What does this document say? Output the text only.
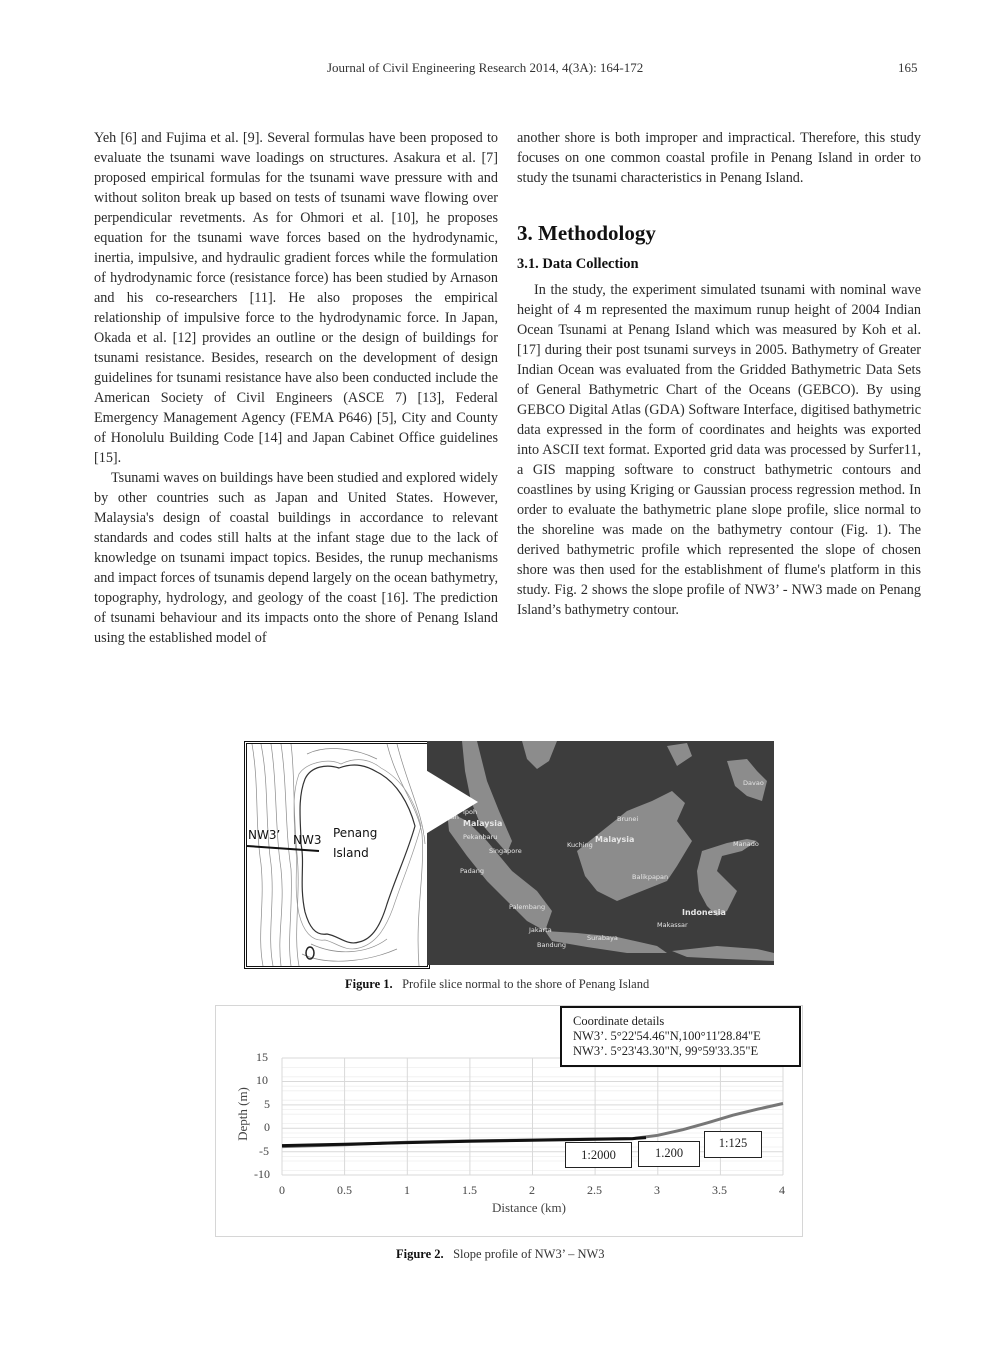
Journal of Civil Engineering Research 2014, 4(3A): 164-172	165

Yeh [6] and Fujima et al. [9]. Several formulas have been proposed to evaluate the tsunami wave loadings on structures. Asakura et al. [7] proposed empirical formulas for the tsunami wave pressure with and without soliton break up based on tests of tsunami wave flowing over perpendicular revetments. As for Ohmori et al. [10], he proposes equation for the tsunami wave forces based on the hydrodynamic, inertia, impulsive, and hydraulic gradient forces while the formulation of hydrodynamic force (resistance force) has been studied by Arnason and his co-researchers [11]. He also proposes the empirical relationship of impulsive force to the hydrodynamic force. In Japan, Okada et al. [12] provides an outline or the design of buildings for tsunami resistance. Besides, research on the development of design guidelines for tsunami resistance have also been conducted include the American Society of Civil Engineers (ASCE 7) [13], Federal Emergency Management Agency (FEMA P646) [5], City and County of Honolulu Building Code [14] and Japan Cabinet Office guidelines [15].

Tsunami waves on buildings have been studied and explored widely by other countries such as Japan and United States. However, Malaysia's design of coastal buildings in accordance to relevant standards and codes still halts at the infant stage due to the lack of knowledge on tsunami impact topics. Besides, the runup mechanisms and impact forces of tsunamis depend largely on the ocean bathymetry, topography, hydrology, and geology of the coast [16]. The prediction of tsunami behaviour and its impacts onto the shore of Penang Island using the established model of

another shore is both improper and impractical. Therefore, this study focuses on one common coastal profile in Penang Island in order to study the tsunami characteristics in Penang Island.

3. Methodology
3.1. Data Collection

In the study, the experiment simulated tsunami with nominal wave height of 4 m represented the maximum runup height of 2004 Indian Ocean Tsunami at Penang Island which was measured by Koh et al. [17] during their post tsunami surveys in 2005. Bathymetry of Greater Indian Ocean was evaluated from the Gridded Bathymetric Data Sets of General Bathymetric Chart of the Oceans (GEBCO). By using GEBCO Digital Atlas (GDA) Software Interface, digitised bathymetric data expressed in the form of coordinates and heights was exported into ASCII text format. Exported grid data was processed by Surfer11, a GIS mapping software to construct bathymetric contours and coastlines by using Kriging or Gaussian process regression method. In order to evaluate the bathymetric plane slope profile, slice normal to the shoreline was made on the bathymetry contour (Fig. 1). The derived bathymetric profile which represented the slope of chosen shore was then used for the establishment of flume's platform in this study. Fig. 2 shows the slope profile of NW3’ - NW3 made on Penang Island’s bathymetry contour.

NW3’ NW3 Penang
Island
Ipoh
Malaysia
Medan
Pekanbaru
Singapore
Padang
Palembang
Jakarta
Bandung
Surabaya
Kuching
Malaysia
Brunei
Balikpapan
Indonesia
Makassar
Manado
Davao
Figure 1. Profile slice normal to the shore of Penang Island
15
10
5
0
-5
-10
0	0.5	1	1.5	2	2.5	3	3.5	4
Distance (km)
Depth (m)
Coordinate details
NW3’. 5°22'54.46"N,100°11'28.84"E
NW3’. 5°23'43.30"N, 99°59'33.35"E
1:2000	1.200
1:125
Figure 2. Slope profile of NW3’ – NW3
